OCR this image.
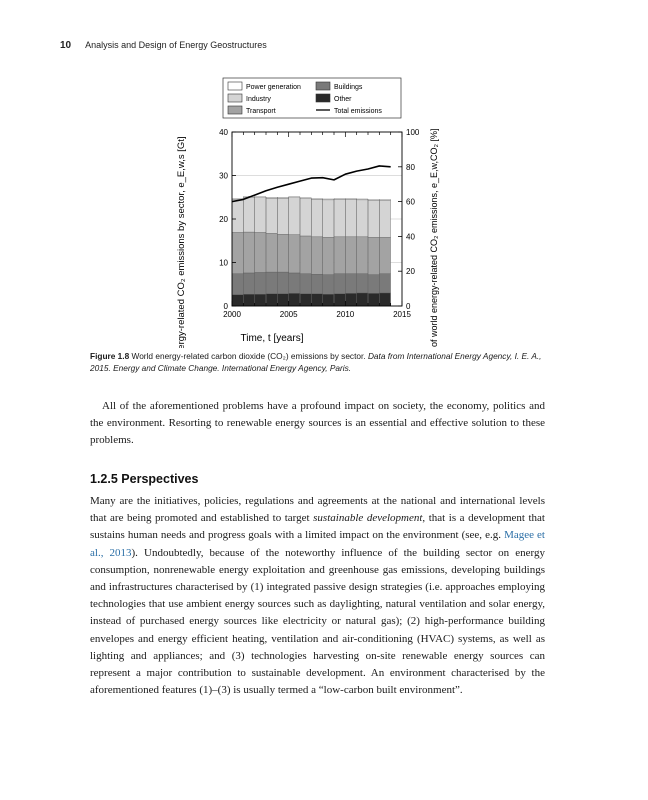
10 Analysis and Design of Energy Geostructures
Power generation	Buildings
Industry	Other
Transport	Total emissions
0
10
20
30
40
0
20
40
60
80
100
2000	2005	2010	2015
Time, t [years]
World energy-related CO₂ emissions by sector, e_E,w,s [Gt]	Proportions of world energy-related CO₂ emissions, e_E,w,CO₂ [%]
Figure 1.8 World energy-related carbon dioxide (CO₂) emissions by sector. Data from International Energy Agency, I. E. A., 2015. Energy and Climate Change. International Energy Agency, Paris.

All of the aforementioned problems have a profound impact on society, the economy, politics and the environment. Resorting to renewable energy sources is an essential and effective solution to these problems.

1.2.5 Perspectives

Many are the initiatives, policies, regulations and agreements at the national and international levels that are being promoted and established to target sustainable development, that is a development that sustains human needs and progress goals with a limited impact on the environment (see, e.g. Magee et al., 2013). Undoubtedly, because of the noteworthy influence of the building sector on energy consumption, nonrenewable energy exploitation and greenhouse gas emissions, developing buildings and infrastructures characterised by (1) integrated passive design strategies (i.e. approaches employing technologies that use ambient energy sources such as daylighting, natural ventilation and solar energy, instead of purchased energy sources like electricity or natural gas); (2) high-performance building envelopes and energy efficient heating, ventilation and air-conditioning (HVAC) systems, as well as lighting and appliances; and (3) technologies harvesting on-site renewable energy sources can represent a major contribution to sustainable development. An environment characterised by the aforementioned features (1)–(3) is usually termed a “low-carbon built environment”.
